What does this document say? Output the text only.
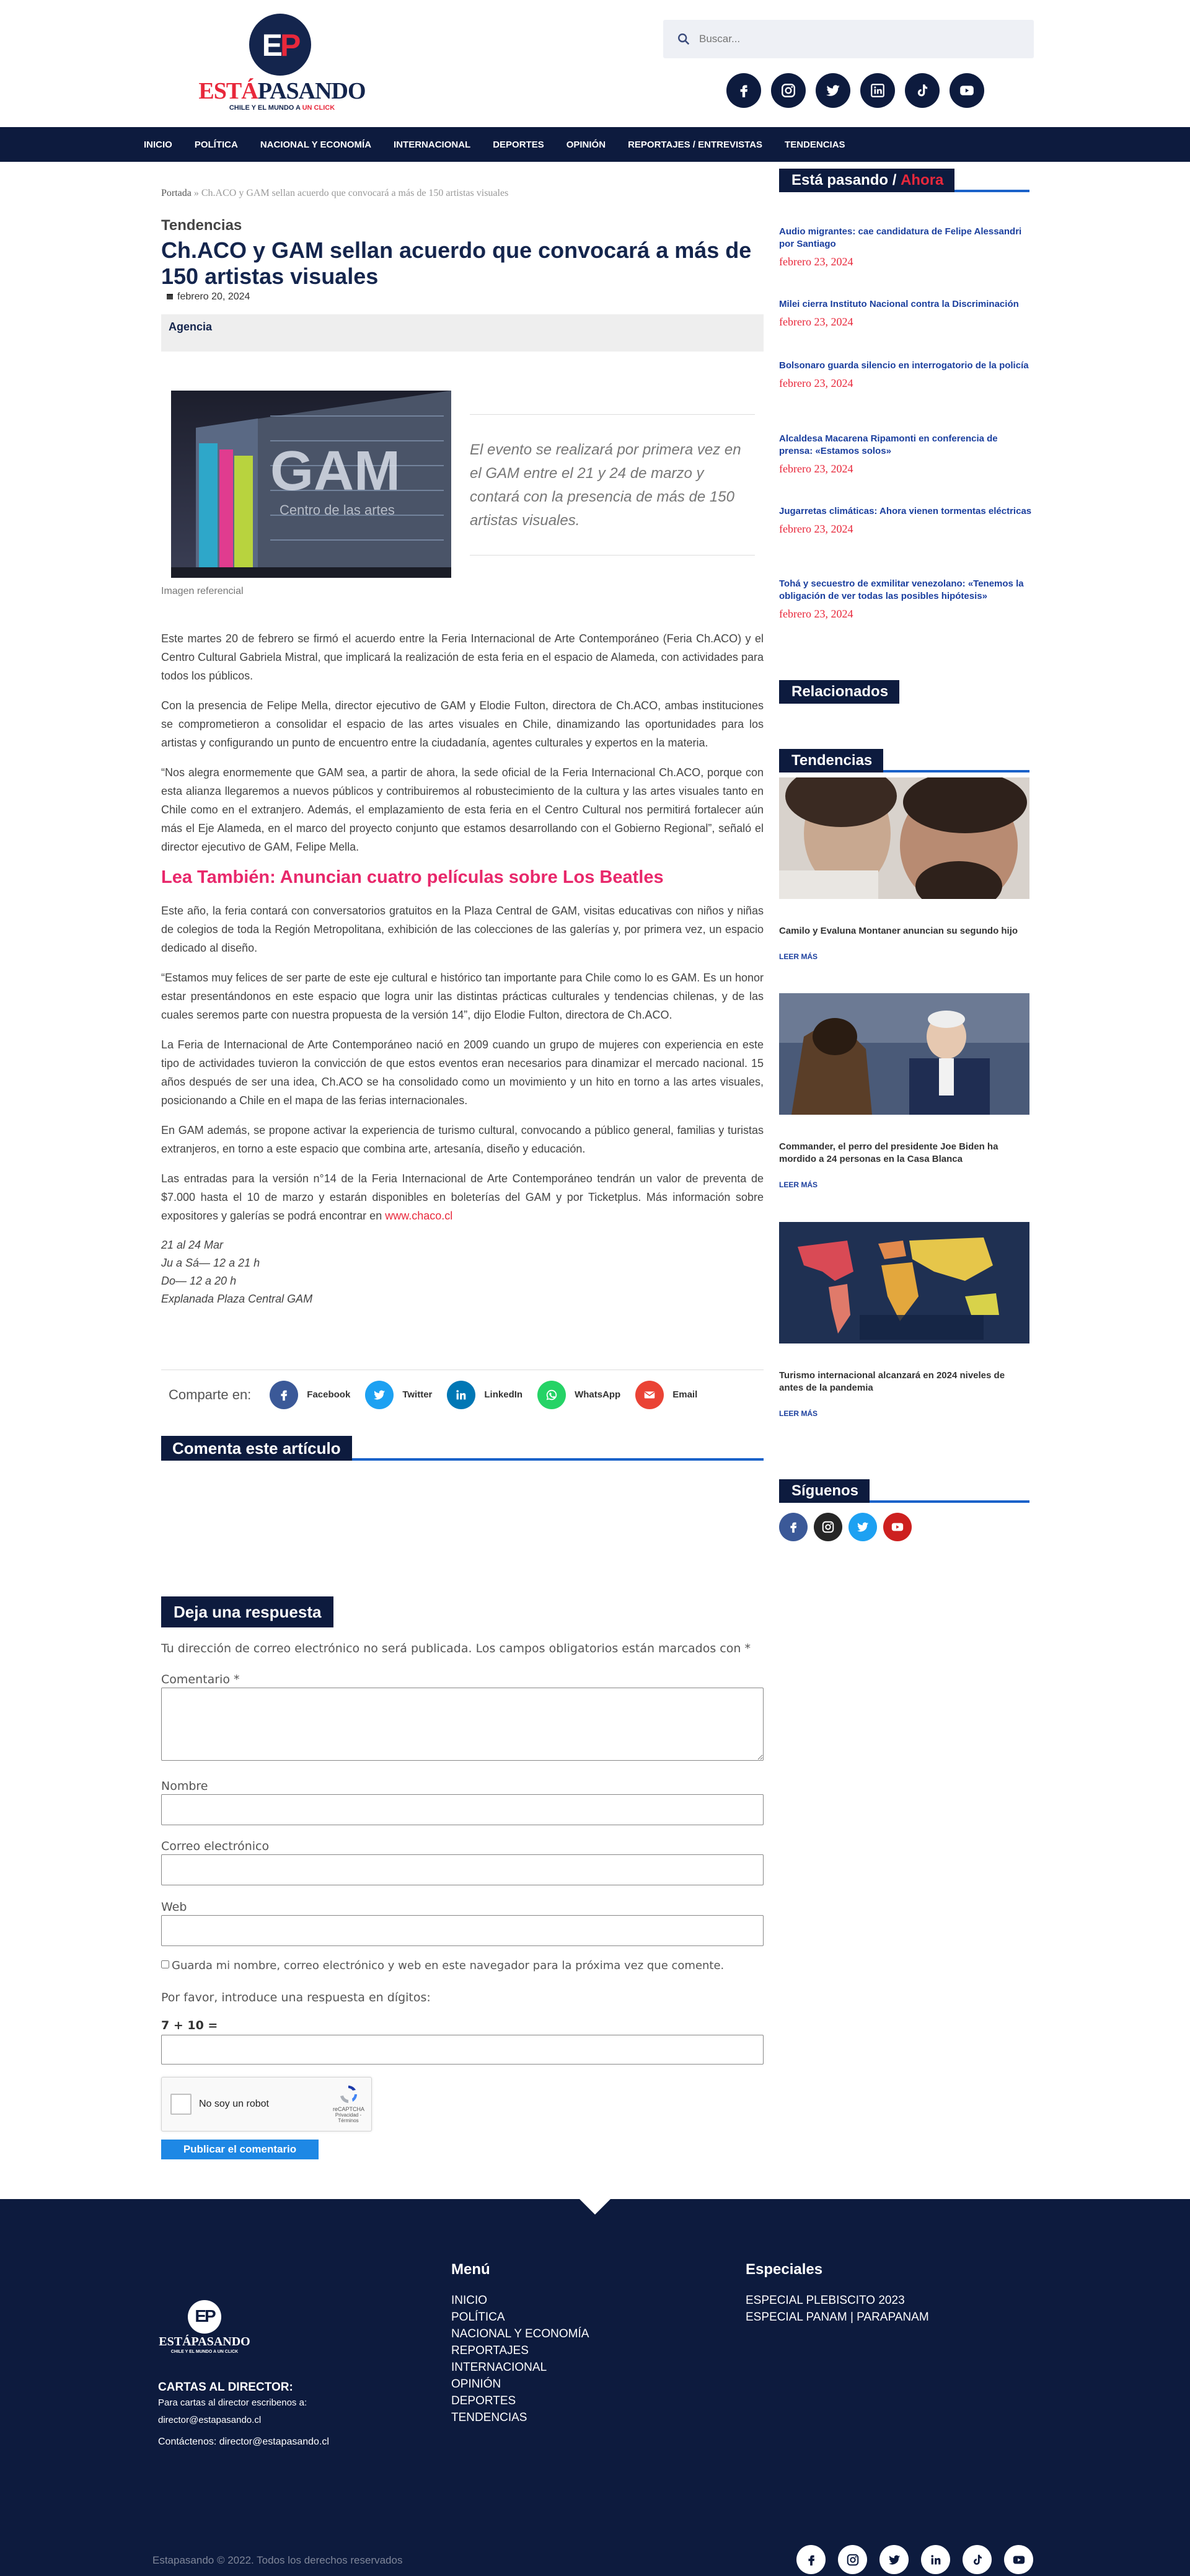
EP
ESTÁPASANDO
CHILE Y EL MUNDO A UN CLICK
Buscar...
INICIO POLÍTICA NACIONAL Y ECONOMÍA INTERNACIONAL DEPORTES OPINIÓN REPORTAJES / ENTREVISTAS TENDENCIAS
Portada » Ch.ACO y GAM sellan acuerdo que convocará a más de 150 artistas visuales
Tendencias
Ch.ACO y GAM sellan acuerdo que convocará a más de 150 artistas visuales
febrero 20, 2024
Agencia
GAM
Centro de las artes
Imagen referencial
El evento se realizará por primera vez en el GAM entre el 21 y 24 de marzo y contará con la presencia de más de 150 artistas visuales.

Este martes 20 de febrero se firmó el acuerdo entre la Feria Internacional de Arte Contemporáneo (Feria Ch.ACO) y el Centro Cultural Gabriela Mistral, que implicará la realización de esta feria en el espacio de Alameda, con actividades para todos los públicos.

Con la presencia de Felipe Mella, director ejecutivo de GAM y Elodie Fulton, directora de Ch.ACO, ambas instituciones se comprometieron a consolidar el espacio de las artes visuales en Chile, dinamizando las oportunidades para los artistas y configurando un punto de encuentro entre la ciudadanía, agentes culturales y expertos en la materia.

“Nos alegra enormemente que GAM sea, a partir de ahora, la sede oficial de la Feria Internacional Ch.ACO, porque con esta alianza llegaremos a nuevos públicos y contribuiremos al robustecimiento de la cultura y las artes visuales tanto en Chile como en el extranjero. Además, el emplazamiento de esta feria en el Centro Cultural nos permitirá fortalecer aún más el Eje Alameda, en el marco del proyecto conjunto que estamos desarrollando con el Gobierno Regional”, señaló el director ejecutivo de GAM, Felipe Mella.

Lea También: Anuncian cuatro películas sobre Los Beatles

Este año, la feria contará con conversatorios gratuitos en la Plaza Central de GAM, visitas educativas con niños y niñas de colegios de toda la Región Metropolitana, exhibición de las colecciones de las galerías y, por primera vez, un espacio dedicado al diseño.

“Estamos muy felices de ser parte de este eje cultural e histórico tan importante para Chile como lo es GAM. Es un honor estar presentándonos en este espacio que logra unir las distintas prácticas culturales y tendencias chilenas, y de las cuales seremos parte con nuestra propuesta de la versión 14”, dijo Elodie Fulton, directora de Ch.ACO.

La Feria de Internacional de Arte Contemporáneo nació en 2009 cuando un grupo de mujeres con experiencia en este tipo de actividades tuvieron la convicción de que estos eventos eran necesarios para dinamizar el mercado nacional. 15 años después de ser una idea, Ch.ACO se ha consolidado como un movimiento y un hito en torno a las artes visuales, posicionando a Chile en el mapa de las ferias internacionales.

En GAM además, se propone activar la experiencia de turismo cultural, convocando a público general, familias y turistas extranjeros, en torno a este espacio que combina arte, artesanía, diseño y educación.

Las entradas para la versión n°14 de la Feria Internacional de Arte Contemporáneo tendrán un valor de preventa de $7.000 hasta el 10 de marzo y estarán disponibles en boleterías del GAM y por Ticketplus. Más información sobre expositores y galerías se podrá encontrar en www.chaco.cl

21 al 24 Mar
Ju a Sá— 12 a 21 h
Do— 12 a 20 h
Explanada Plaza Central GAM
Comparte en:	Facebook	Twitter	LinkedIn	WhatsApp	Email
Comenta este artículo
Deja una respuesta
Tu dirección de correo electrónico no será publicada. Los campos obligatorios están marcados con *
Comentario *
Nombre
Correo electrónico
Web
Guarda mi nombre, correo electrónico y web en este navegador para la próxima vez que comente.
Por favor, introduce una respuesta en dígitos:
7 + 10 =
No soy un robot	reCAPTCHA
Privacidad - Términos
Publicar el comentario
Está pasando / Ahora
Audio migrantes: cae candidatura de Felipe Alessandri por Santiago
febrero 23, 2024
Milei cierra Instituto Nacional contra la Discriminación
febrero 23, 2024
Bolsonaro guarda silencio en interrogatorio de la policía
febrero 23, 2024
Alcaldesa Macarena Ripamonti en conferencia de prensa: «Estamos solos»
febrero 23, 2024
Jugarretas climáticas: Ahora vienen tormentas eléctricas
febrero 23, 2024
Tohá y secuestro de exmilitar venezolano: «Tenemos la obligación de ver todas las posibles hipótesis»
febrero 23, 2024
Relacionados
Tendencias
Camilo y Evaluna Montaner anuncian su segundo hijo
LEER MÁS
Commander, el perro del presidente Joe Biden ha mordido a 24 personas en la Casa Blanca
LEER MÁS
Turismo internacional alcanzará en 2024 niveles de antes de la pandemia
LEER MÁS
Síguenos
EP
ESTÁPASANDO
CHILE Y EL MUNDO A UN CLICK
Menú
INICIO
POLÍTICA
NACIONAL Y ECONOMÍA
REPORTAJES
INTERNACIONAL
OPINIÓN
DEPORTES
TENDENCIAS
Especiales
ESPECIAL PLEBISCITO 2023
ESPECIAL PANAM | PARAPANAM
CARTAS AL DIRECTOR:
Para cartas al director escribenos a:
director@estapasando.cl
Contáctenos: director@estapasando.cl
Estapasando © 2022. Todos los derechos reservados
